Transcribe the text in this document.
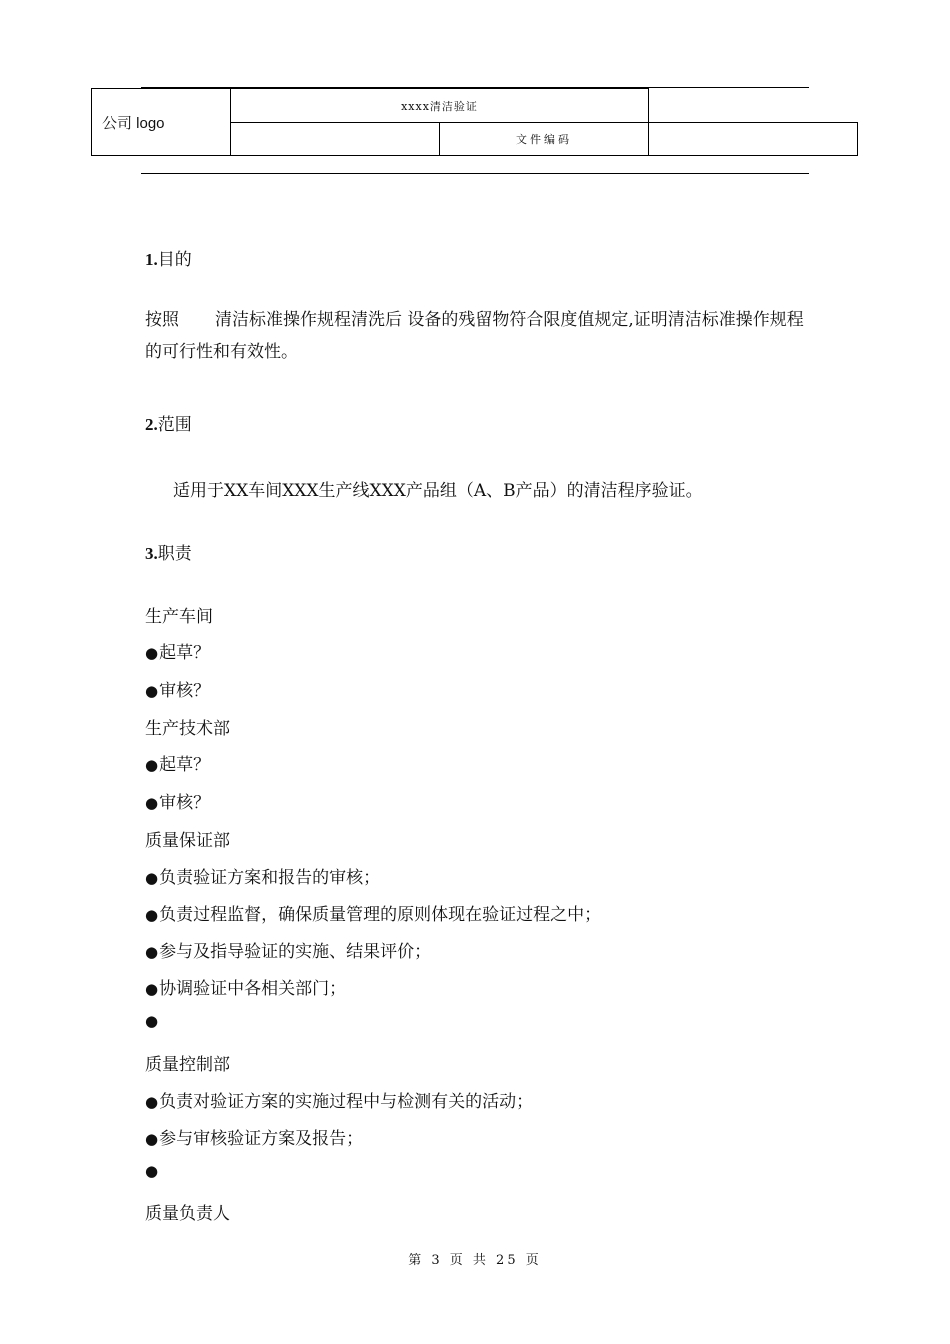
公司 logo	xxxx清洁验证		
		文件编码	
1.目的

按照 清洁标准操作规程清洗后 设备的残留物符合限度值规定,证明清洁标准操作规程的可行性和有效性。

2.范围

适用于XX车间XXX生产线XXX产品组（A、B产品）的清洁程序验证。

3.职责
生产车间
●起草？
●审核？
生产技术部
●起草？
●审核？
质量保证部
●负责验证方案和报告的审核；
●负责过程监督，确保质量管理的原则体现在验证过程之中；
●参与及指导验证的实施、结果评价；
●协调验证中各相关部门；
●
质量控制部
●负责对验证方案的实施过程中与检测有关的活动；
●参与审核验证方案及报告；
●
质量负责人
第 3 页 共 25 页
